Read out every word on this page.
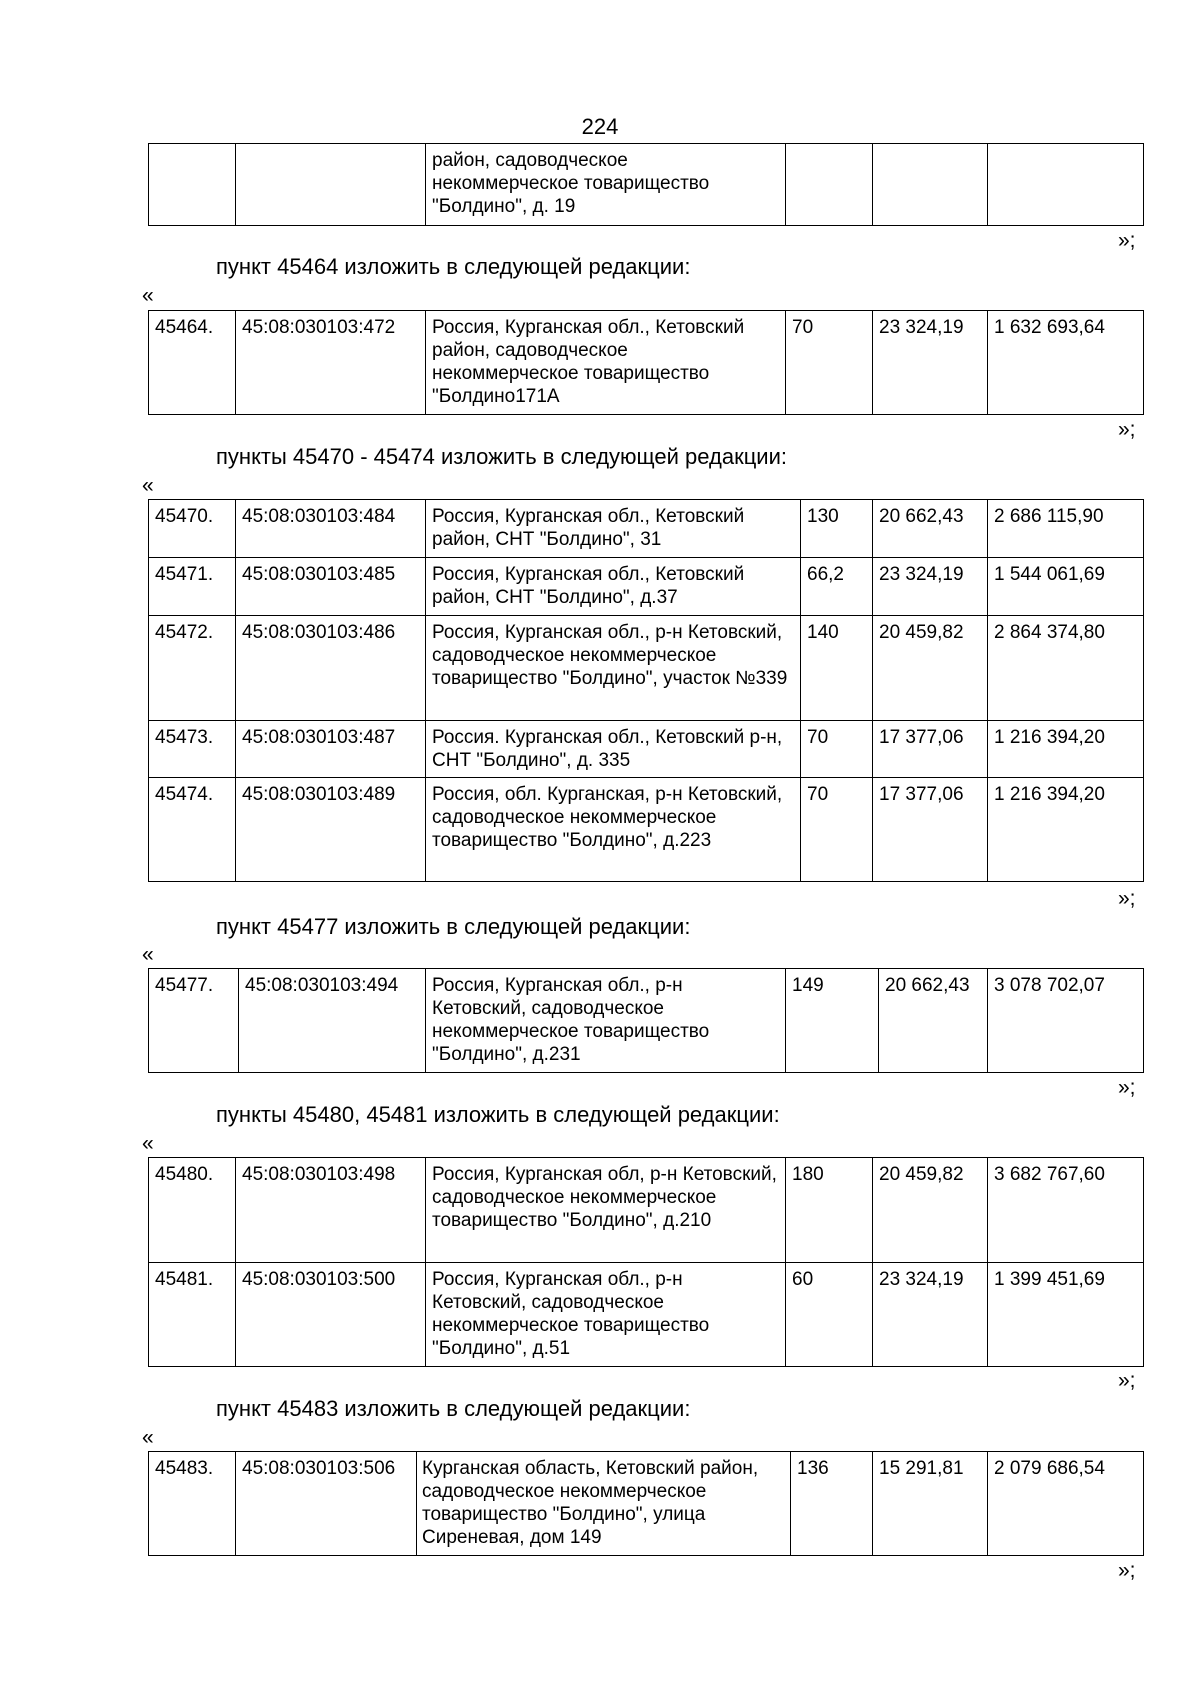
224
		район, садоводческое некоммерческое товарищество "Болдино", д. 19			
»;
пункт 45464 изложить в следующей редакции:
«
45464.	45:08:030103:472	Россия, Курганская обл., Кетовский район, садоводческое некоммерческое товарищество "Болдино171А	70	23 324,19	1 632 693,64
»;
пункты 45470 - 45474 изложить в следующей редакции:
«
45470.	45:08:030103:484	Россия, Курганская обл., Кетовский район, СНТ "Болдино", 31	130	20 662,43	2 686 115,90
45471.	45:08:030103:485	Россия, Курганская обл., Кетовский район, СНТ "Болдино", д.37	66,2	23 324,19	1 544 061,69
45472.	45:08:030103:486	Россия, Курганская обл., р-н Кетовский, садоводческое некоммерческое товарищество "Болдино", участок №339	140	20 459,82	2 864 374,80
45473.	45:08:030103:487	Россия. Курганская обл., Кетовский р-н, СНТ "Болдино", д. 335	70	17 377,06	1 216 394,20
45474.	45:08:030103:489	Россия, обл. Курганская, р-н Кетовский, садоводческое некоммерческое товарищество "Болдино", д.223	70	17 377,06	1 216 394,20
»;
пункт 45477 изложить в следующей редакции:
«
45477.	45:08:030103:494	Россия, Курганская обл., р-н Кетовский, садоводческое некоммерческое товарищество "Болдино", д.231	149	20 662,43	3 078 702,07
»;
пункты 45480, 45481 изложить в следующей редакции:
«
45480.	45:08:030103:498	Россия, Курганская обл, р-н Кетовский, садоводческое некоммерческое товарищество "Болдино", д.210	180	20 459,82	3 682 767,60
45481.	45:08:030103:500	Россия, Курганская обл., р-н Кетовский, садоводческое некоммерческое товарищество "Болдино", д.51	60	23 324,19	1 399 451,69
»;
пункт 45483 изложить в следующей редакции:
«
45483.	45:08:030103:506	Курганская область, Кетовский район, садоводческое некоммерческое товарищество "Болдино", улица Сиреневая, дом 149	136	15 291,81	2 079 686,54
»;
